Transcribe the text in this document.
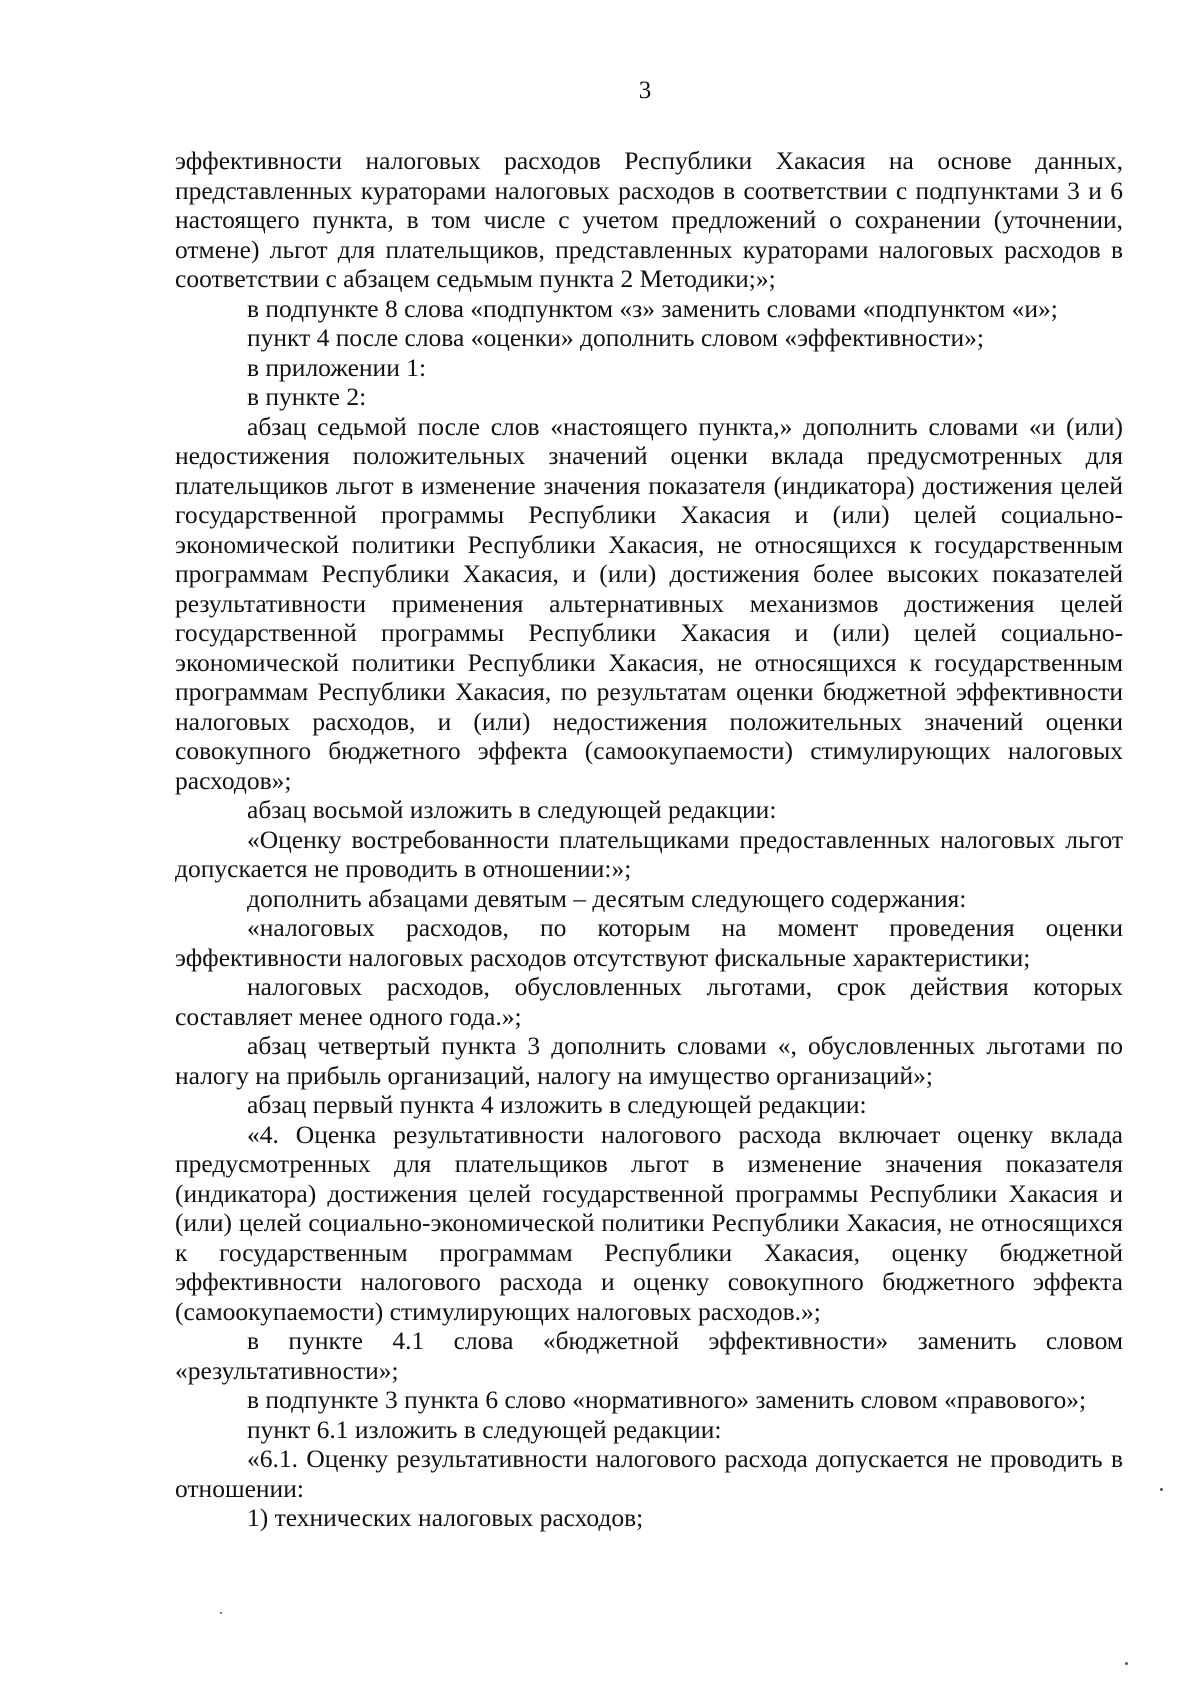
3

эффективности налоговых расходов Республики Хакасия на основе данных, представленных кураторами налоговых расходов в соответствии с подпунктами 3 и 6 настоящего пункта, в том числе с учетом предложений о сохранении (уточнении, отмене) льгот для плательщиков, представленных кураторами налоговых расходов в соответствии с абзацем седьмым пункта 2 Методики;»;

в подпункте 8 слова «подпунктом «з» заменить словами «подпунктом «и»;

пункт 4 после слова «оценки» дополнить словом «эффективности»;

в приложении 1:

в пункте 2:

абзац седьмой после слов «настоящего пункта,» дополнить словами «и (или) недостижения положительных значений оценки вклада предусмотренных для плательщиков льгот в изменение значения показателя (индикатора) достижения целей государственной программы Республики Хакасия и (или) целей социально-экономической политики Республики Хакасия, не относящихся к государственным программам Республики Хакасия, и (или) достижения более высоких показателей результативности применения альтернативных механизмов достижения целей государственной программы Республики Хакасия и (или) целей социально-экономической политики Республики Хакасия, не относящихся к государственным программам Республики Хакасия, по результатам оценки бюджетной эффективности налоговых расходов, и (или) недостижения положительных значений оценки совокупного бюджетного эффекта (самоокупаемости) стимулирующих налоговых расходов»;

абзац восьмой изложить в следующей редакции:

«Оценку востребованности плательщиками предоставленных налоговых льгот допускается не проводить в отношении:»;

дополнить абзацами девятым – десятым следующего содержания:

«налоговых расходов, по которым на момент проведения оценки эффективности налоговых расходов отсутствуют фискальные характеристики;

налоговых расходов, обусловленных льготами, срок действия которых составляет менее одного года.»;

абзац четвертый пункта 3 дополнить словами «, обусловленных льготами по налогу на прибыль организаций, налогу на имущество организаций»;

абзац первый пункта 4 изложить в следующей редакции:

«4. Оценка результативности налогового расхода включает оценку вклада предусмотренных для плательщиков льгот в изменение значения показателя (индикатора) достижения целей государственной программы Республики Хакасия и (или) целей социально-экономической политики Республики Хакасия, не относящихся к государственным программам Республики Хакасия, оценку бюджетной эффективности налогового расхода и оценку совокупного бюджетного эффекта (самоокупаемости) стимулирующих налоговых расходов.»;

в пункте 4.1 слова «бюджетной эффективности» заменить словом «результативности»;

в подпункте 3 пункта 6 слово «нормативного» заменить словом «правового»;

пункт 6.1 изложить в следующей редакции:

«6.1. Оценку результативности налогового расхода допускается не проводить в отношении:

1) технических налоговых расходов;
